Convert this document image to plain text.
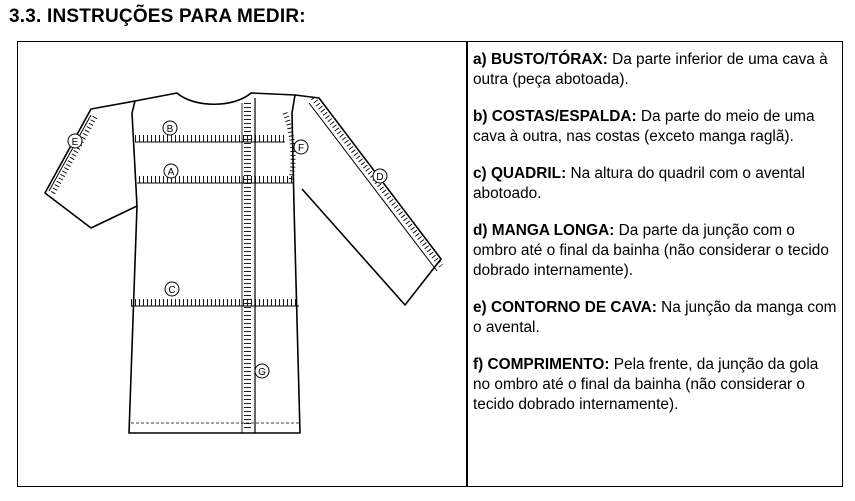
3.3. INSTRUÇÕES PARA MEDIR:
B
A
C
D
E
F
G

a) BUSTO/TÓRAX: Da parte inferior de uma cava à outra (peça abotoada).

b) COSTAS/ESPALDA: Da parte do meio de uma cava à outra, nas costas (exceto manga raglã).

c) QUADRIL: Na altura do quadril com o avental abotoado.

d) MANGA LONGA: Da parte da junção com o ombro até o final da bainha (não considerar o tecido dobrado internamente).

e) CONTORNO DE CAVA: Na junção da manga com o avental.

f) COMPRIMENTO: Pela frente, da junção da gola no ombro até o final da bainha (não considerar o tecido dobrado internamente).
